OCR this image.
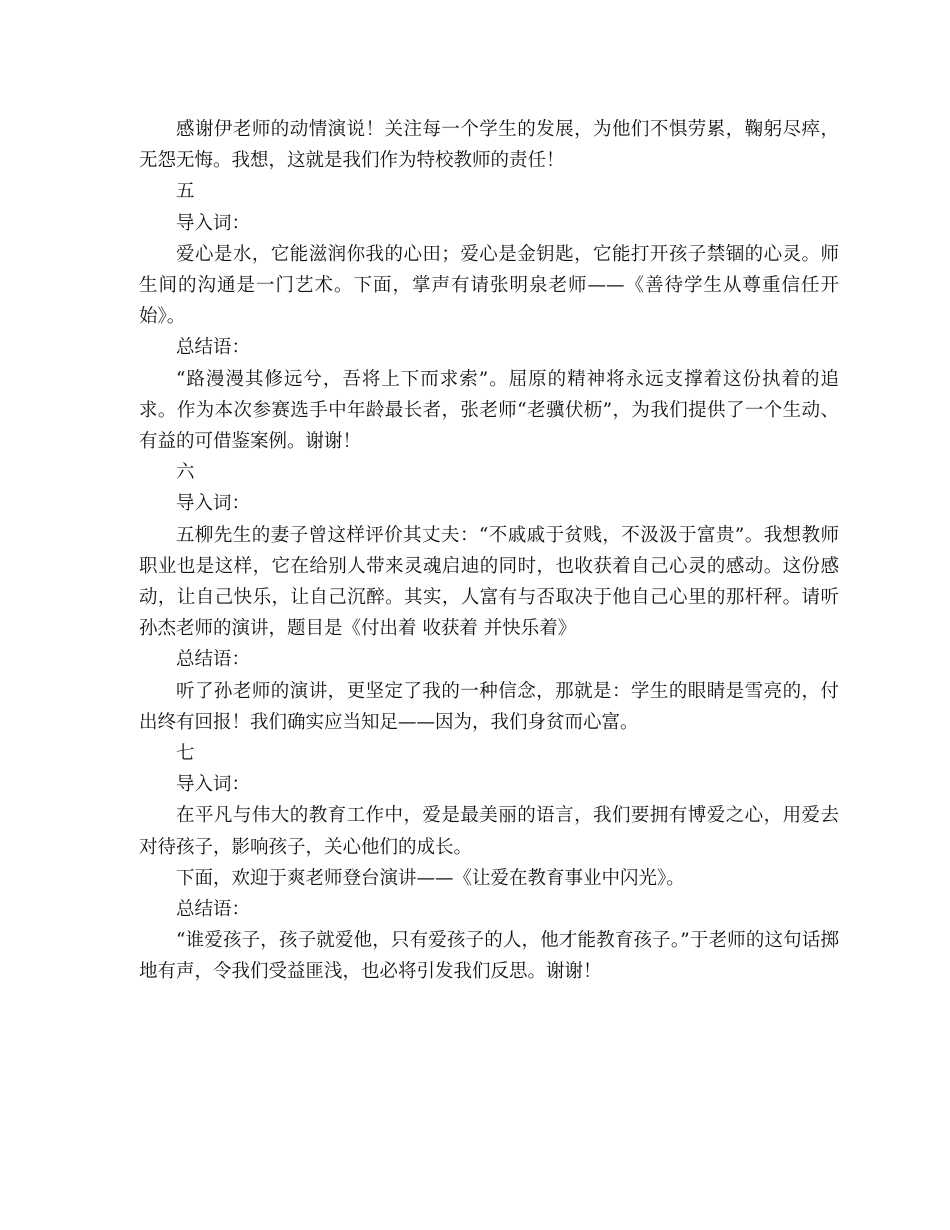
感谢伊老师的动情演说！关注每一个学生的发展，为他们不惧劳累，鞠躬尽瘁，无怨无悔。我想，这就是我们作为特校教师的责任！

五

导入词：

爱心是水，它能滋润你我的心田；爱心是金钥匙，它能打开孩子禁锢的心灵。师生间的沟通是一门艺术。下面，掌声有请张明泉老师——《善待学生从尊重信任开始》。

总结语：

“路漫漫其修远兮，吾将上下而求索”。屈原的精神将永远支撑着这份执着的追求。作为本次参赛选手中年龄最长者，张老师“老骥伏枥”，为我们提供了一个生动、有益的可借鉴案例。谢谢！

六

导入词：

五柳先生的妻子曾这样评价其丈夫：“不戚戚于贫贱，不汲汲于富贵”。我想教师职业也是这样，它在给别人带来灵魂启迪的同时，也收获着自己心灵的感动。这份感动，让自己快乐，让自己沉醉。其实，人富有与否取决于他自己心里的那杆秤。请听孙杰老师的演讲，题目是《付出着 收获着 并快乐着》

总结语：

听了孙老师的演讲，更坚定了我的一种信念，那就是：学生的眼睛是雪亮的，付出终有回报！我们确实应当知足——因为，我们身贫而心富。

七

导入词：

在平凡与伟大的教育工作中，爱是最美丽的语言，我们要拥有博爱之心，用爱去对待孩子，影响孩子，关心他们的成长。

下面，欢迎于爽老师登台演讲——《让爱在教育事业中闪光》。

总结语：

“谁爱孩子，孩子就爱他，只有爱孩子的人，他才能教育孩子。”于老师的这句话掷地有声，令我们受益匪浅，也必将引发我们反思。谢谢！
